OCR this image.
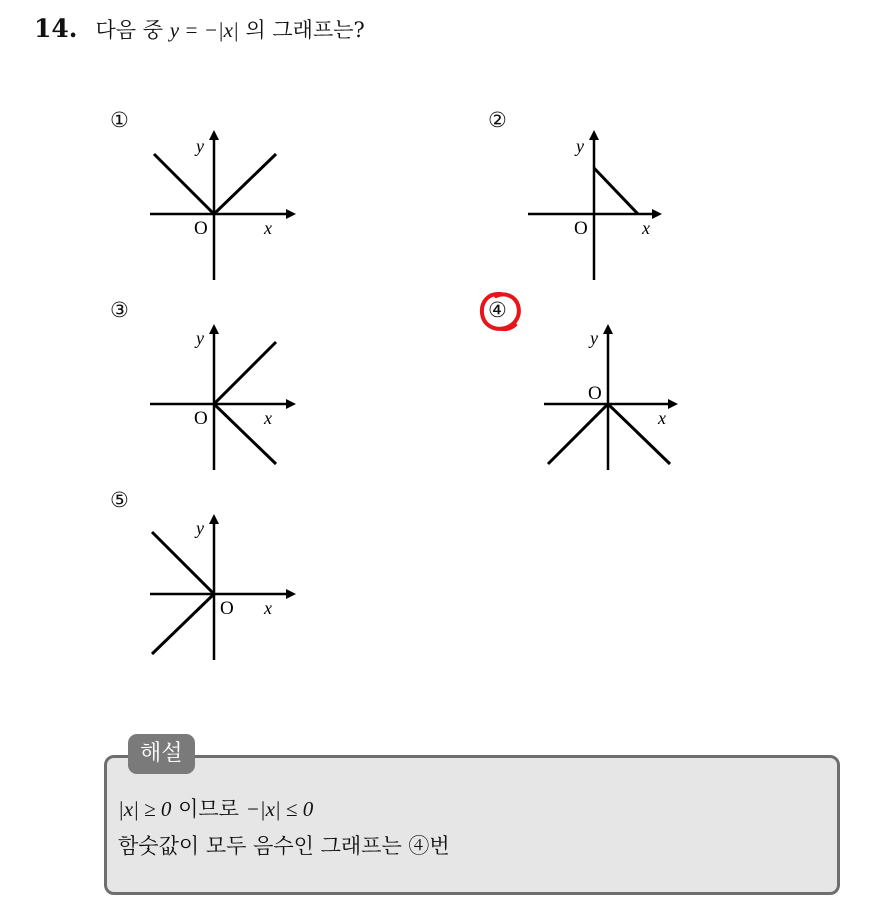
14. 다음 중 y = −|x| 의 그래프는?
O	x
y
①
O	x
y
②
O	x
y
③
O
x
y
④
O x
y
⑤
해설
|x| ≥ 0 이므로 −|x| ≤ 0
함숫값이 모두 음수인 그래프는 ④번
